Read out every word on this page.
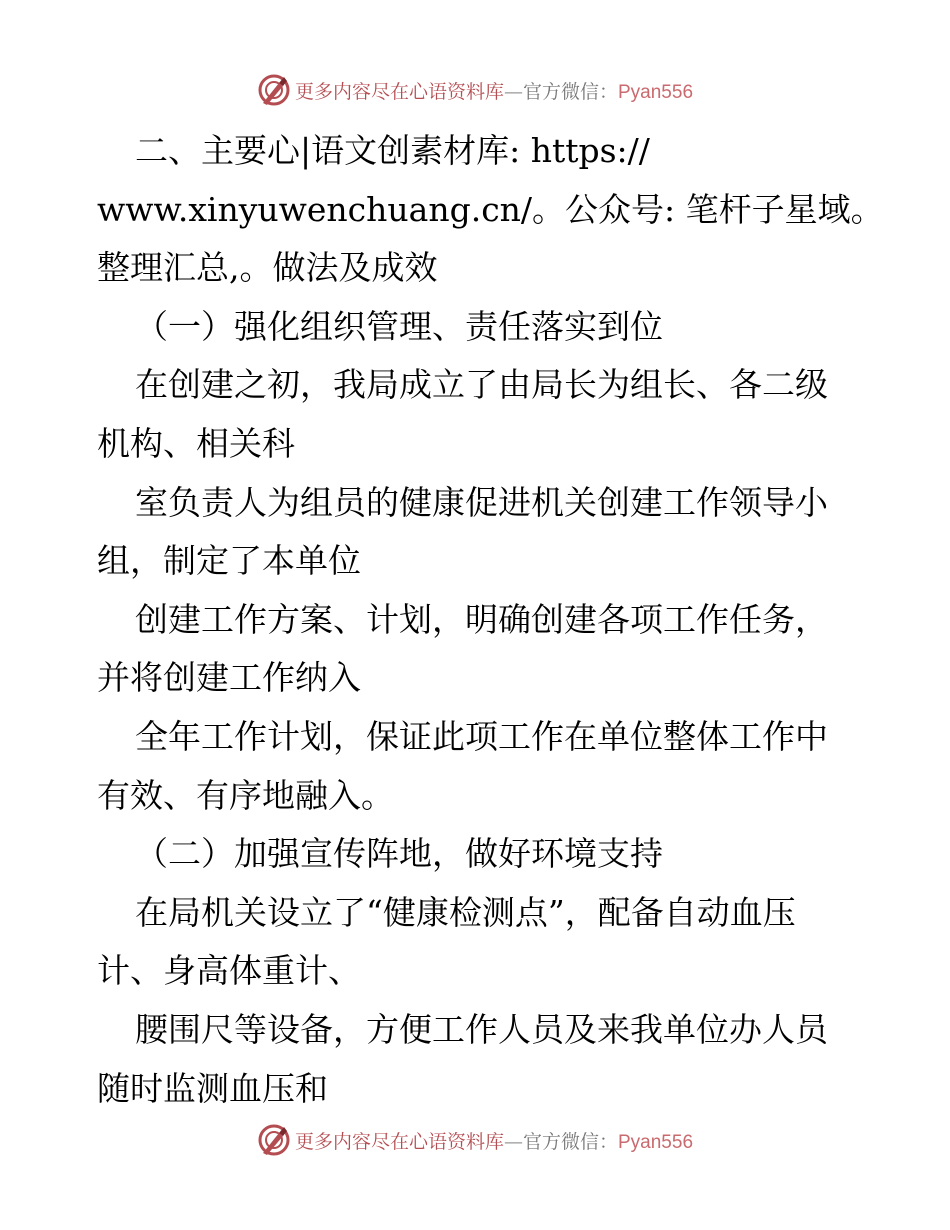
更多内容尽在心语资料库—官方微信：Pyan556
二、主要心|语文创素材库: https://
www.xinyuwenchuang.cn/。公众号: 笔杆子星域。
整理汇总,。做法及成效
（一）强化组织管理、责任落实到位
在创建之初，我局成立了由局长为组长、各二级
机构、相关科
室负责人为组员的健康促进机关创建工作领导小
组，制定了本单位
创建工作方案、计划，明确创建各项工作任务，
并将创建工作纳入
全年工作计划，保证此项工作在单位整体工作中
有效、有序地融入。
（二）加强宣传阵地，做好环境支持
在局机关设立了“健康检测点”，配备自动血压
计、身高体重计、
腰围尺等设备，方便工作人员及来我单位办人员
随时监测血压和
更多内容尽在心语资料库—官方微信：Pyan556
